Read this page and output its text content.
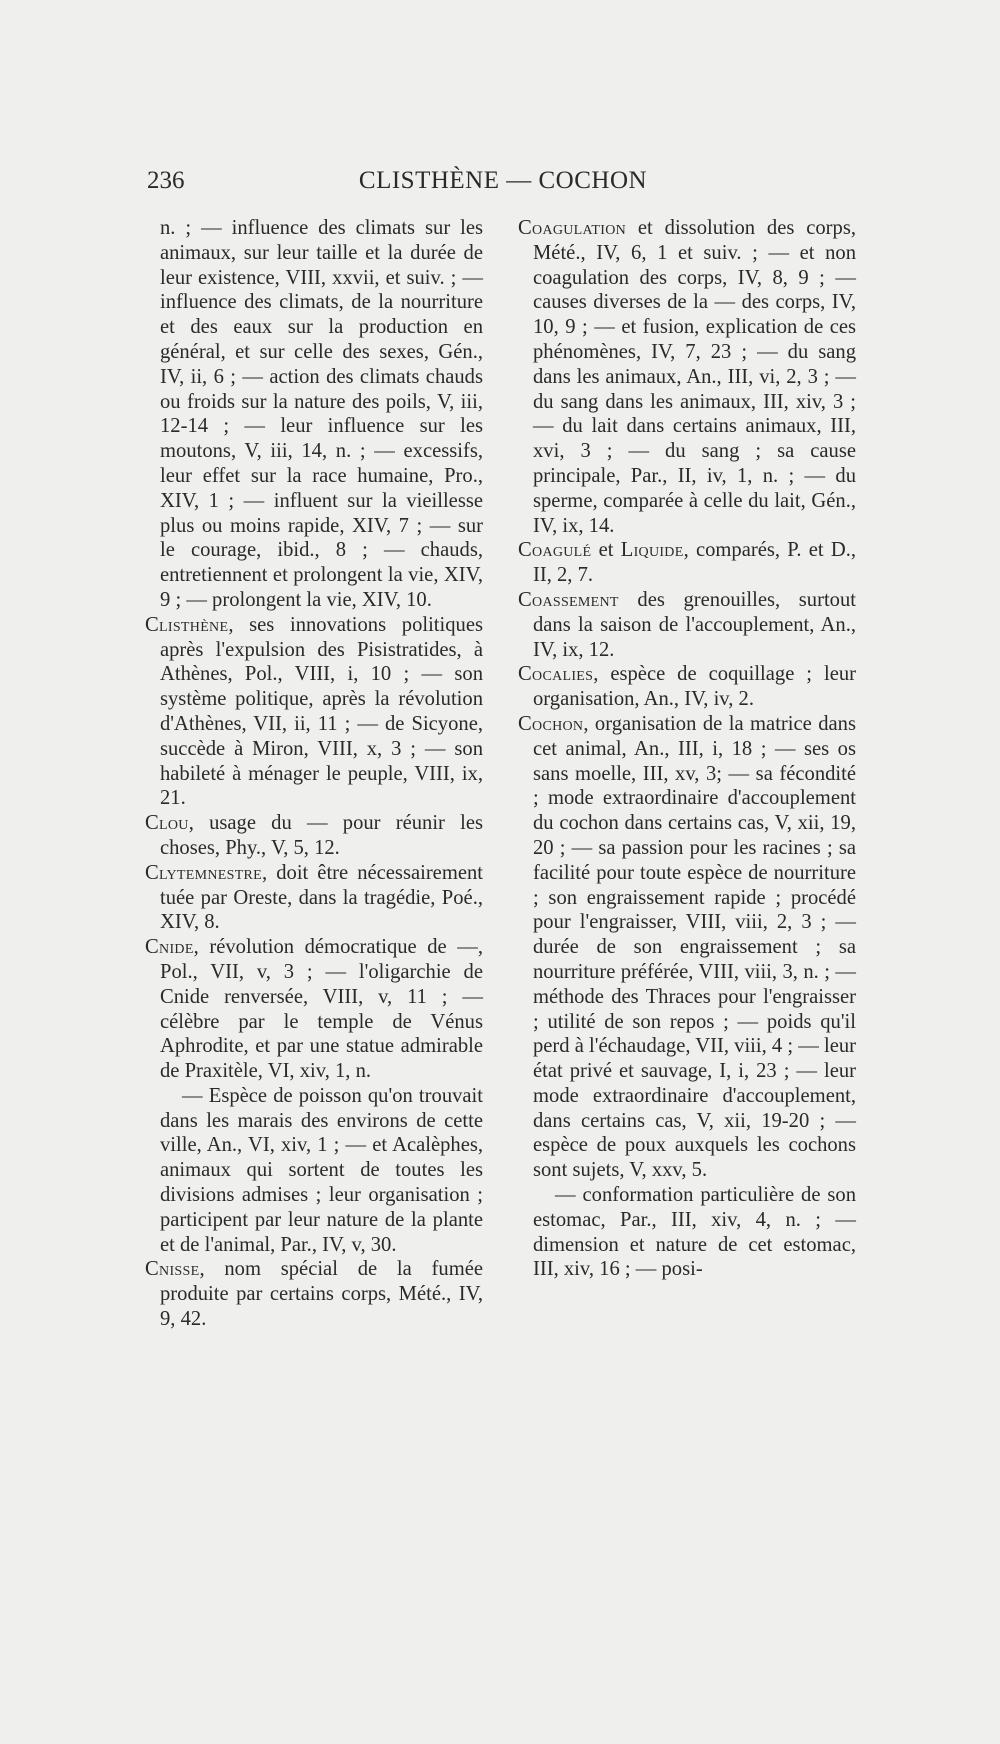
236	CLISTHÈNE — COCHON

n. ; — influence des climats sur les animaux, sur leur taille et la durée de leur existence, VIII, xxvii, et suiv. ; — influence des climats, de la nourriture et des eaux sur la production en général, et sur celle des sexes, Gén., IV, ii, 6 ; — action des climats chauds ou froids sur la nature des poils, V, iii, 12-14 ; — leur influence sur les moutons, V, iii, 14, n. ; — excessifs, leur effet sur la race humaine, Pro., XIV, 1 ; — influent sur la vieillesse plus ou moins rapide, XIV, 7 ; — sur le courage, ibid., 8 ; — chauds, entretiennent et prolongent la vie, XIV, 9 ; — prolongent la vie, XIV, 10.

Clisthène, ses innovations politiques après l'expulsion des Pisistratides, à Athènes, Pol., VIII, i, 10 ; — son système politique, après la révolution d'Athènes, VII, ii, 11 ; — de Sicyone, succède à Miron, VIII, x, 3 ; — son habileté à ménager le peuple, VIII, ix, 21.

Clou, usage du — pour réunir les choses, Phy., V, 5, 12.

Clytemnestre, doit être nécessairement tuée par Oreste, dans la tragédie, Poé., XIV, 8.

Cnide, révolution démocratique de —, Pol., VII, v, 3 ; — l'oligarchie de Cnide renversée, VIII, v, 11 ; — célèbre par le temple de Vénus Aphrodite, et par une statue admirable de Praxitèle, VI, xiv, 1, n.

— Espèce de poisson qu'on trouvait dans les marais des environs de cette ville, An., VI, xiv, 1 ; — et Acalèphes, animaux qui sortent de toutes les divisions admises ; leur organisation ; participent par leur nature de la plante et de l'animal, Par., IV, v, 30.

Cnisse, nom spécial de la fumée produite par certains corps, Mété., IV, 9, 42.

Coagulation et dissolution des corps, Mété., IV, 6, 1 et suiv. ; — et non coagulation des corps, IV, 8, 9 ; — causes diverses de la — des corps, IV, 10, 9 ; — et fusion, explication de ces phénomènes, IV, 7, 23 ; — du sang dans les animaux, An., III, vi, 2, 3 ; — du sang dans les animaux, III, xiv, 3 ; — du lait dans certains animaux, III, xvi, 3 ; — du sang ; sa cause principale, Par., II, iv, 1, n. ; — du sperme, comparée à celle du lait, Gén., IV, ix, 14.

Coagulé et Liquide, comparés, P. et D., II, 2, 7.

Coassement des grenouilles, surtout dans la saison de l'accouplement, An., IV, ix, 12.

Cocalies, espèce de coquillage ; leur organisation, An., IV, iv, 2.

Cochon, organisation de la matrice dans cet animal, An., III, i, 18 ; — ses os sans moelle, III, xv, 3; — sa fécondité ; mode extraordinaire d'accouplement du cochon dans certains cas, V, xii, 19, 20 ; — sa passion pour les racines ; sa facilité pour toute espèce de nourriture ; son engraissement rapide ; procédé pour l'engraisser, VIII, viii, 2, 3 ; — durée de son engraissement ; sa nourriture préférée, VIII, viii, 3, n. ; — méthode des Thraces pour l'engraisser ; utilité de son repos ; — poids qu'il perd à l'échaudage, VII, viii, 4 ; — leur état privé et sauvage, I, i, 23 ; — leur mode extraordinaire d'accouplement, dans certains cas, V, xii, 19-20 ; — espèce de poux auxquels les cochons sont sujets, V, xxv, 5.

— conformation particulière de son estomac, Par., III, xiv, 4, n. ; — dimension et nature de cet estomac, III, xiv, 16 ; — posi-
